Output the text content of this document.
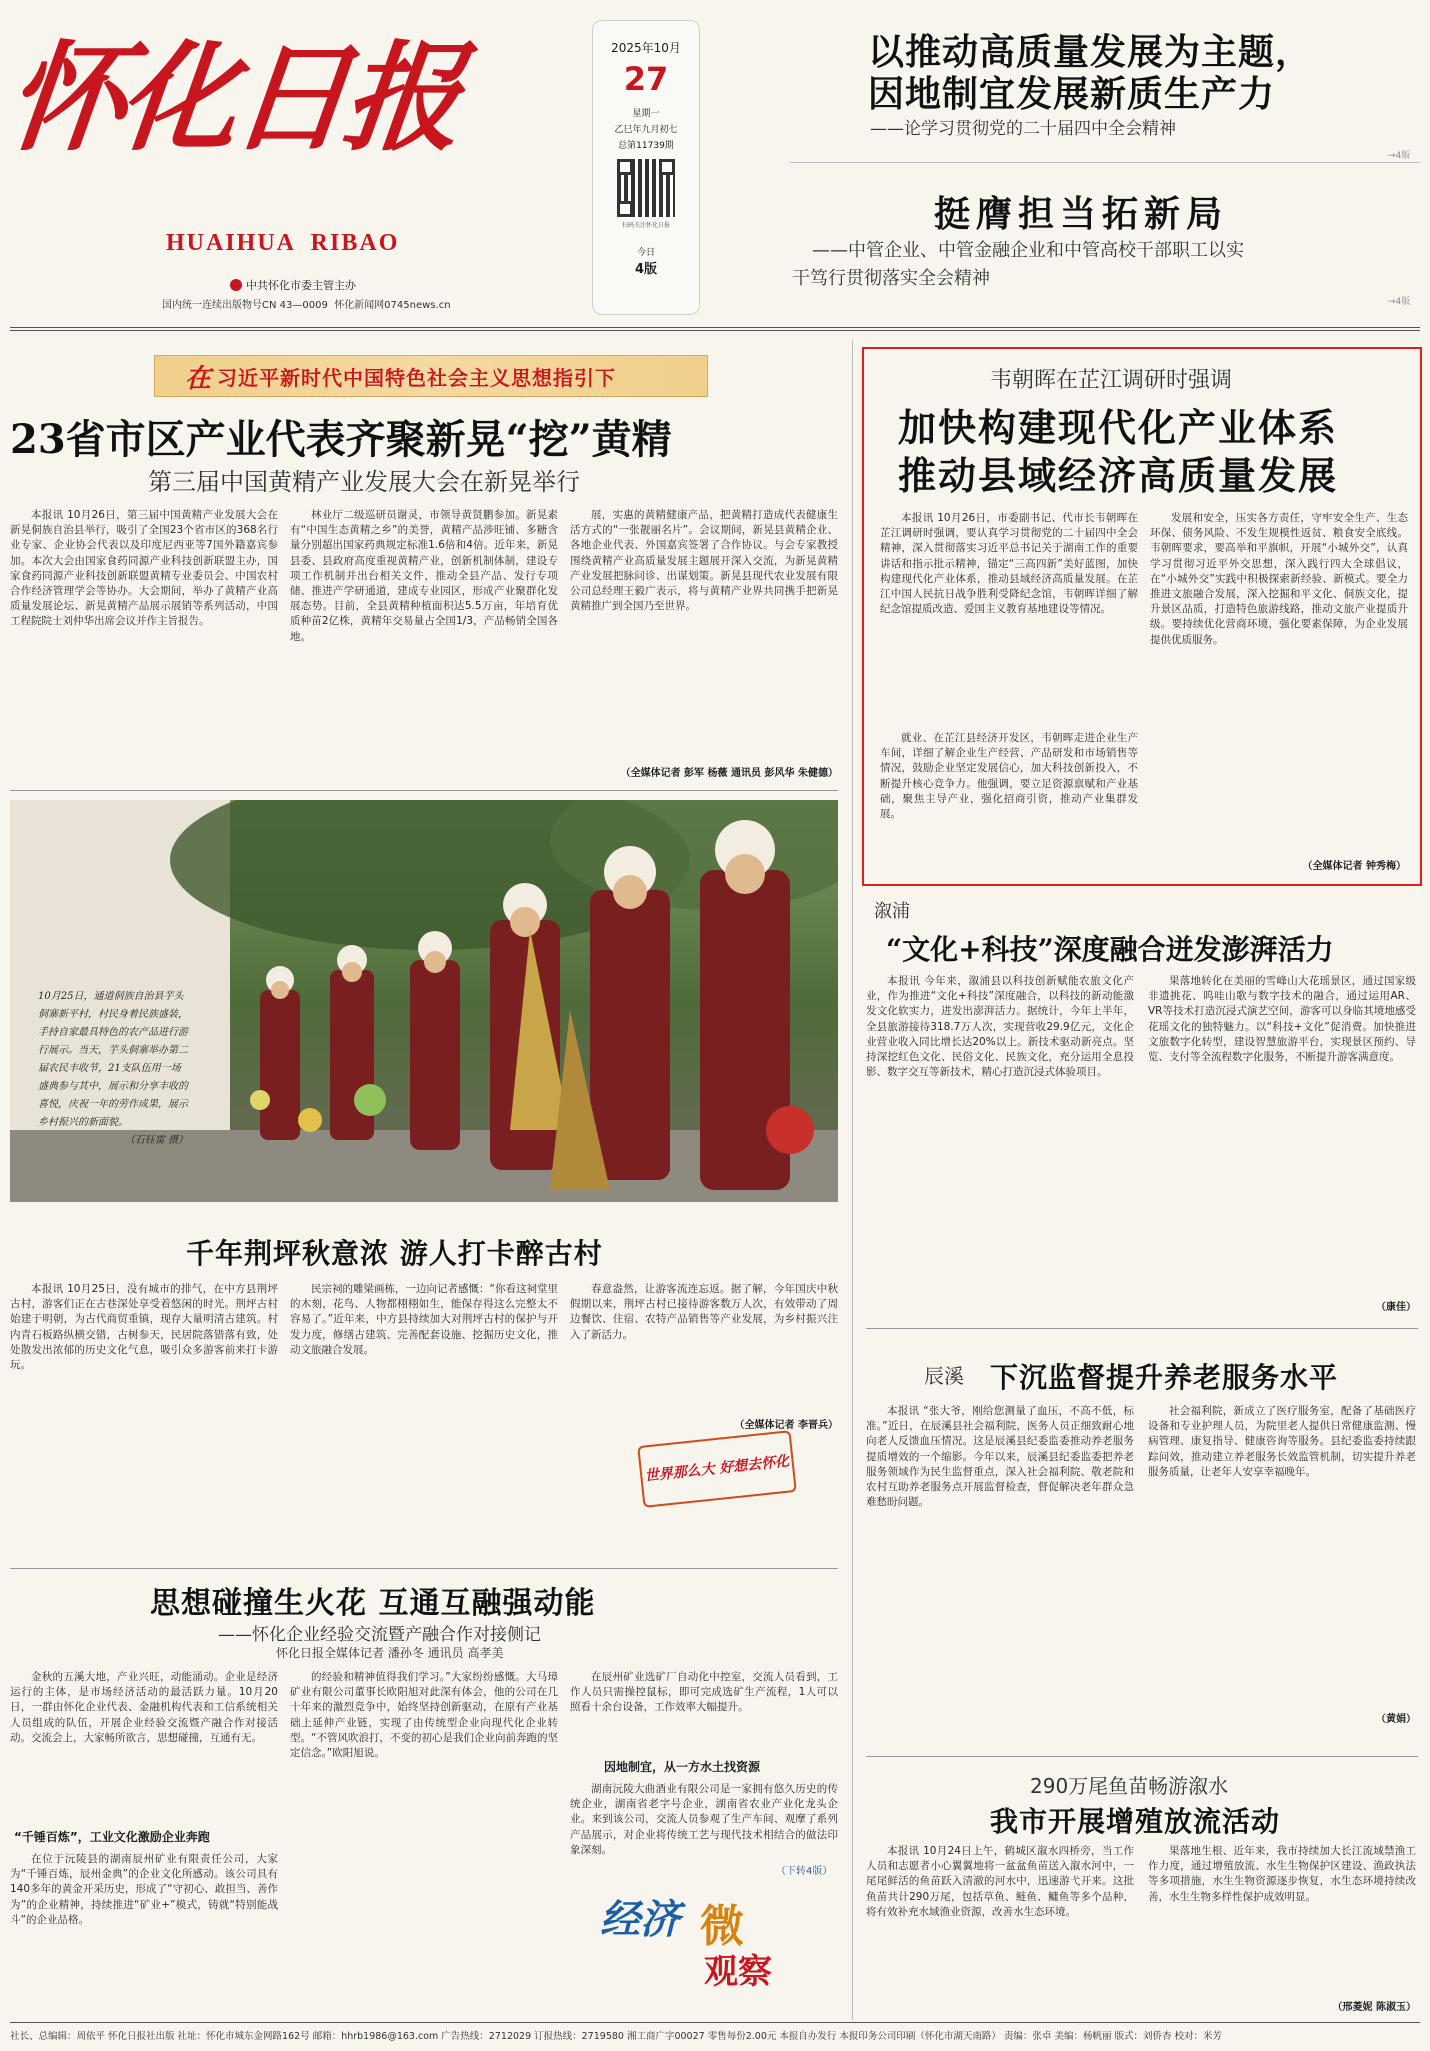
怀化日报
HUAIHUA  RIBAO
中共怀化市委主管主办
国内统一连续出版物号CN 43—0009 怀化新闻网0745news.cn
2025年10月
27
星期一
乙巳年九月初七
总第11739期
扫码关注怀化日报
今日
4版
以推动高质量发展为主题，
因地制宜发展新质生产力
——论学习贯彻党的二十届四中全会精神
→4版
挺膺担当拓新局
——中管企业、中管金融企业和中管高校干部职工以实
干笃行贯彻落实全会精神
→4版
在 习近平新时代中国特色社会主义思想指引下
23省市区产业代表齐聚新晃“挖”黄精
第三届中国黄精产业发展大会在新晃举行

本报讯 10月26日，第三届中国黄精产业发展大会在新晃侗族自治县举行，吸引了全国23个省市区的368名行业专家、企业协会代表以及印度尼西亚等7国外籍嘉宾参加。本次大会由国家食药同源产业科技创新联盟主办，国家食药同源产业科技创新联盟黄精专业委员会、中国农村合作经济管理学会等协办。大会期间，举办了黄精产业高质量发展论坛、新晃黄精产品展示展销等系列活动，中国工程院院士刘仲华出席会议并作主旨报告。

林业厅二级巡研员谢灵，市领导黄贤鹏参加。新晃素有“中国生态黄精之乡”的美誉，黄精产品涉旺铺、多糖含量分别超出国家药典规定标准1.6倍和4倍。近年来，新晃县委、县政府高度重视黄精产业，创新机制体制，建设专项工作机制并出台相关文件，推动全县产品、发行专项储、推进产学研通道，建成专业园区，形成产业聚群化发展态势。目前，全县黄精种植面积达5.5万亩，年培育优质种苗2亿株，黄精年交易量占全国1/3，产品畅销全国各地。

展，实惠的黄精健康产品，把黄精打造成代表健康生活方式的“一张靓丽名片”。会议期间，新晃县黄精企业、各地企业代表、外国嘉宾签署了合作协议。与会专家教授围绕黄精产业高质量发展主题展开深入交流，为新晃黄精产业发展把脉问诊、出谋划策。新晃县现代农业发展有限公司总经理王毅广表示，将与黄精产业界共同携手把新晃黄精推广到全国乃至世界。

（全媒体记者 彭军 杨薇 通讯员 彭风华 朱健德）
10月25日，通道侗族自治县芋头侗寨新平村，村民身着民族盛装，手持自家最具特色的农产品进行游行展示。当天，芋头侗寨举办第二届农民丰收节，21支队伍用一场盛典参与其中，展示和分享丰收的喜悦，庆祝一年的劳作成果，展示乡村振兴的新面貌。
（石钰雷 摄）
千年荆坪秋意浓 游人打卡醉古村

本报讯 10月25日，没有城市的排气，在中方县荆坪古村，游客们正在古巷深处享受着悠闲的时光。荆坪古村始建于明朝，为古代商贸重镇，现存大量明清古建筑。村内青石板路纵横交错，古树参天，民居院落错落有致，处处散发出浓郁的历史文化气息，吸引众多游客前来打卡游玩。

民宗祠的雕梁画栋，一边向记者感慨：“你看这祠堂里的木刻，花鸟、人物都栩栩如生，能保存得这么完整太不容易了。”近年来，中方县持续加大对荆坪古村的保护与开发力度，修缮古建筑、完善配套设施、挖掘历史文化，推动文旅融合发展。

春意盎然，让游客流连忘返。据了解，今年国庆中秋假期以来，荆坪古村已接待游客数万人次，有效带动了周边餐饮、住宿、农特产品销售等产业发展，为乡村振兴注入了新活力。

（全媒体记者 李晋兵）
世界那么大 好想去怀化
思想碰撞生火花 互通互融强动能
——怀化企业经验交流暨产融合作对接侧记
怀化日报全媒体记者 潘孙冬 通讯员 高孝美

金秋的五溪大地，产业兴旺，动能涌动。企业是经济运行的主体，是市场经济活动的最活跃力量。10月20日，一群由怀化企业代表、金融机构代表和工信系统相关人员组成的队伍，开展企业经验交流暨产融合作对接活动。交流会上，大家畅所欲言，思想碰撞，互通有无。

“千锤百炼”，工业文化激励企业奔跑

在位于沅陵县的湖南辰州矿业有限责任公司，大家为“千锤百炼，辰州金典”的企业文化所感动。该公司具有140多年的黄金开采历史，形成了“守初心、敢担当、善作为”的企业精神，持续推进“矿业+”模式，铸就“特别能战斗”的企业品格。

的经验和精神值得我们学习。”大家纷纷感慨。大马璋矿业有限公司董事长欧阳旭对此深有体会，他的公司在几十年来的激烈竞争中，始终坚持创新驱动，在原有产业基础上延伸产业链，实现了由传统型企业向现代化企业转型。“不管风吹浪打，不变的初心是我们企业向前奔跑的坚定信念。”欧阳旭说。

在辰州矿业选矿厂自动化中控室，交流人员看到，工作人员只需操控鼠标，即可完成选矿生产流程，1人可以照看十余台设备，工作效率大幅提升。

因地制宜，从一方水土找资源

湖南沅陵大曲酒业有限公司是一家拥有悠久历史的传统企业，湖南省老字号企业，湖南省农业产业化龙头企业。来到该公司，交流人员参观了生产车间、观摩了系列产品展示，对企业将传统工艺与现代技术相结合的做法印象深刻。

（下转4版）
经济 微
观察
韦朝晖在芷江调研时强调
加快构建现代化产业体系
推动县域经济高质量发展

本报讯 10月26日，市委副书记、代市长韦朝晖在芷江调研时强调，要认真学习贯彻党的二十届四中全会精神，深入贯彻落实习近平总书记关于湖南工作的重要讲话和指示批示精神，锚定“三高四新”美好蓝图，加快构建现代化产业体系，推动县域经济高质量发展。在芷江中国人民抗日战争胜利受降纪念馆，韦朝晖详细了解纪念馆提质改造、爱国主义教育基地建设等情况。

就业、在芷江县经济开发区，韦朝晖走进企业生产车间，详细了解企业生产经营、产品研发和市场销售等情况，鼓励企业坚定发展信心，加大科技创新投入，不断提升核心竞争力。他强调，要立足资源禀赋和产业基础，聚焦主导产业，强化招商引资，推动产业集群发展。

发展和安全，压实各方责任，守牢安全生产、生态环保、债务风险、不发生规模性返贫、粮食安全底线。韦朝晖要求，要高举和平旗帜，开展“小城外交”，认真学习贯彻习近平外交思想，深入践行四大全球倡议，在“小城外交”实践中积极探索新经验、新模式。要全力推进文旅融合发展，深入挖掘和平文化、侗族文化，提升景区品质，打造特色旅游线路，推动文旅产业提质升级。要持续优化营商环境，强化要素保障，为企业发展提供优质服务。

（全媒体记者 钟秀梅）
溆浦
“文化+科技”深度融合迸发澎湃活力

本报讯 今年来，溆浦县以科技创新赋能农旅文化产业，作为推进“文化+科技”深度融合，以科技的新动能激发文化软实力，进发出澎湃活力。据统计，今年上半年，全县旅游接待318.7万人次，实现营收29.9亿元，文化企业营业收入同比增长达20%以上。新技术驱动新亮点。坚持深挖红色文化、民俗文化、民族文化，充分运用全息投影、数字交互等新技术，精心打造沉浸式体验项目。

果落地转化在美丽的雪峰山大花瑶景区，通过国家级非遗挑花、呜哇山歌与数字技术的融合，通过运用AR、VR等技术打造沉浸式演艺空间，游客可以身临其境地感受花瑶文化的独特魅力。以“科技+文化”促消费。加快推进文旅数字化转型，建设智慧旅游平台，实现景区预约、导览、支付等全流程数字化服务，不断提升游客满意度。

（康佳）
辰溪 下沉监督提升养老服务水平

本报讯 “张大爷，刚给您测量了血压，不高不低，标准。”近日，在辰溪县社会福利院，医务人员正细致耐心地向老人反馈血压情况。这是辰溪县纪委监委推动养老服务提质增效的一个缩影。今年以来，辰溪县纪委监委把养老服务领域作为民生监督重点，深入社会福利院、敬老院和农村互助养老服务点开展监督检查，督促解决老年群众急难愁盼问题。

社会福利院，新成立了医疗服务室，配备了基础医疗设备和专业护理人员，为院里老人提供日常健康监测、慢病管理、康复指导、健康咨询等服务。县纪委监委持续跟踪问效，推动建立养老服务长效监管机制，切实提升养老服务质量，让老年人安享幸福晚年。

（黄娟）
290万尾鱼苗畅游溆水
我市开展增殖放流活动

本报讯 10月24日上午，鹤城区溆水四桥旁，当工作人员和志愿者小心翼翼地将一盆盆鱼苗送入溆水河中，一尾尾鲜活的鱼苗跃入清澈的河水中，迅速游弋开来。这批鱼苗共计290万尾，包括草鱼、鲢鱼、鳙鱼等多个品种，将有效补充水域渔业资源，改善水生态环境。

果落地生根、近年来，我市持续加大长江流域禁渔工作力度，通过增殖放流、水生生物保护区建设、渔政执法等多项措施，水生生物资源逐步恢复，水生态环境持续改善，水生生物多样性保护成效明显。

（邢菱妮 陈淑玉）
社长、总编辑：周依平 怀化日报社出版 社址：怀化市城东金网路162号 邮箱：hhrb1986@163.com 广告热线：2712029 订报热线：2719580 湘工商广字00027 零售每份2.00元 本报自办发行 本报印务公司印刷（怀化市湖天南路） 责编：张卓 美编：杨帆丽 版式：刘侨杏 校对：米芳
